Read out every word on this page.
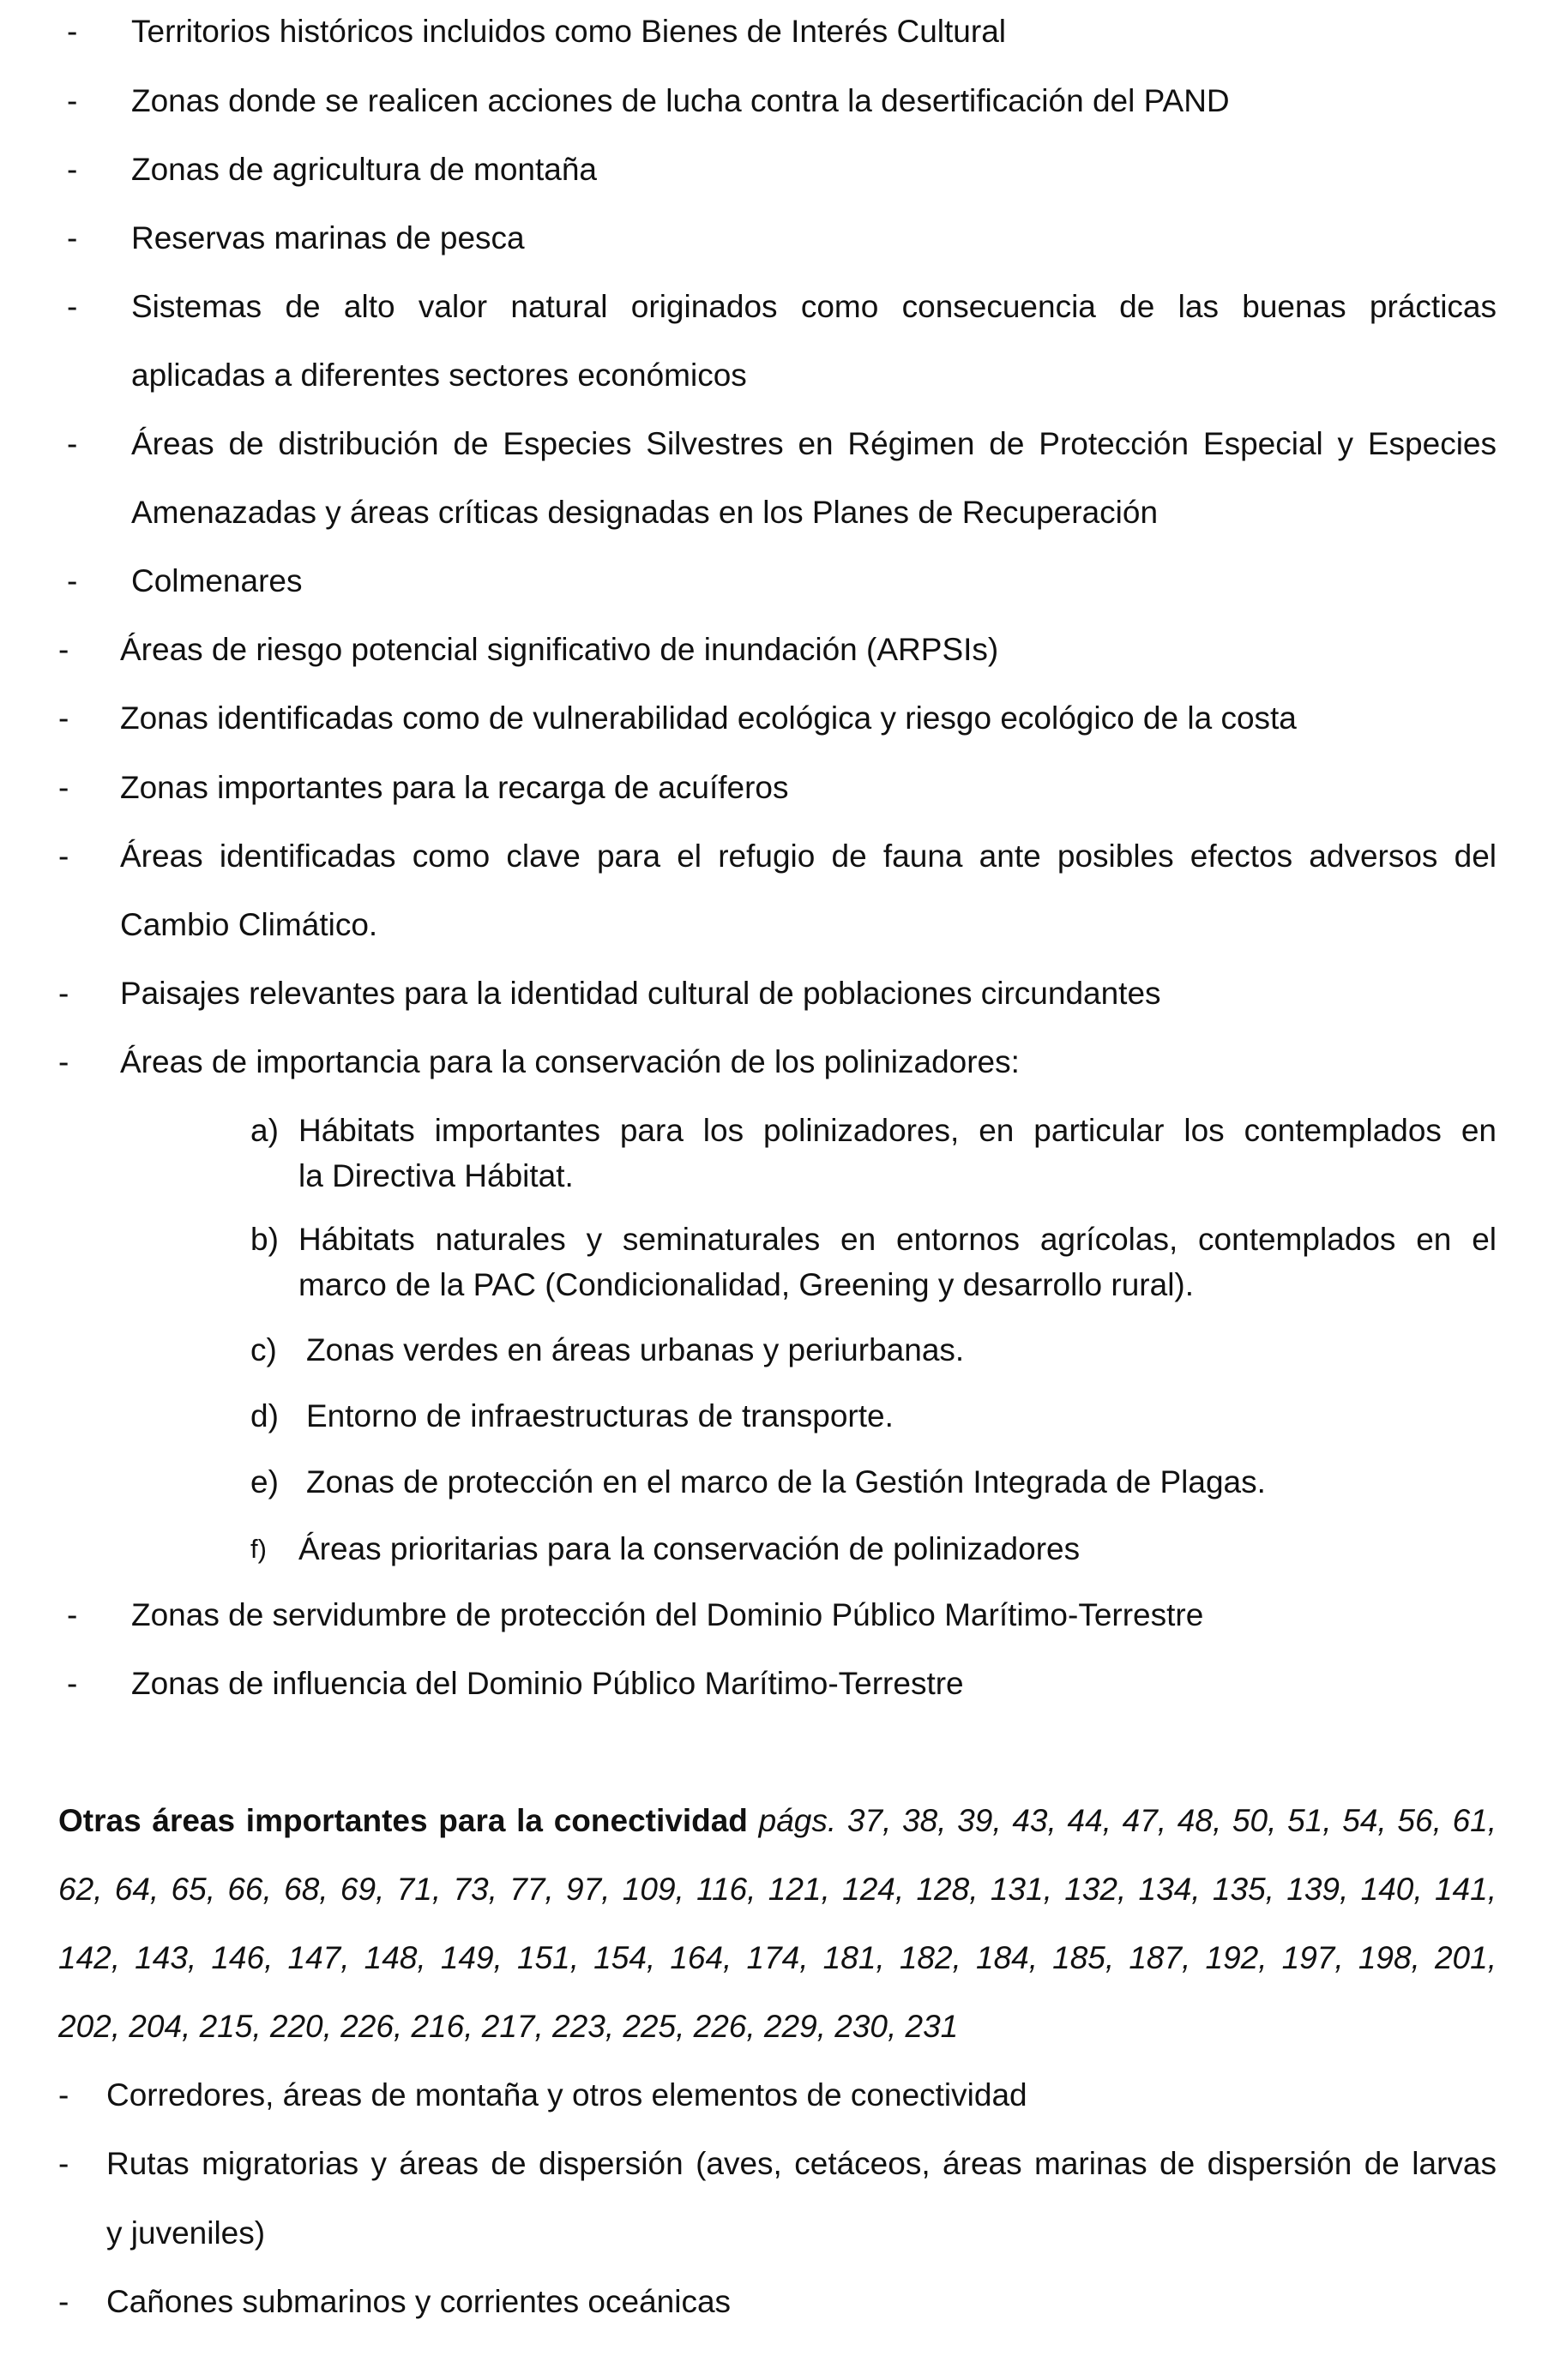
- Territorios históricos incluidos como Bienes de Interés Cultural
- Zonas donde se realicen acciones de lucha contra la desertificación del PAND
- Zonas de agricultura de montaña
- Reservas marinas de pesca
- Sistemas de alto valor natural originados como consecuencia de las buenas prácticas
aplicadas a diferentes sectores económicos
- Áreas de distribución de Especies Silvestres en Régimen de Protección Especial y Especies
Amenazadas y áreas críticas designadas en los Planes de Recuperación
- Colmenares
- Áreas de riesgo potencial significativo de inundación (ARPSIs)
- Zonas identificadas como de vulnerabilidad ecológica y riesgo ecológico de la costa
- Zonas importantes para la recarga de acuíferos
- Áreas identificadas como clave para el refugio de fauna ante posibles efectos adversos del
Cambio Climático.
- Paisajes relevantes para la identidad cultural de poblaciones circundantes
- Áreas de importancia para la conservación de los polinizadores:
a) Hábitats importantes para los polinizadores, en particular los contemplados en
la Directiva Hábitat.
b) Hábitats naturales y seminaturales en entornos agrícolas, contemplados en el
marco de la PAC (Condicionalidad, Greening y desarrollo rural).
c) Zonas verdes en áreas urbanas y periurbanas.
d) Entorno de infraestructuras de transporte.
e) Zonas de protección en el marco de la Gestión Integrada de Plagas.
f) Áreas prioritarias para la conservación de polinizadores
- Zonas de servidumbre de protección del Dominio Público Marítimo-Terrestre
- Zonas de influencia del Dominio Público Marítimo-Terrestre
Otras áreas importantes para la conectividad págs. 37, 38, 39, 43, 44, 47, 48, 50, 51, 54, 56, 61,
62, 64, 65, 66, 68, 69, 71, 73, 77, 97, 109, 116, 121, 124, 128, 131, 132, 134, 135, 139, 140, 141,
142, 143, 146, 147, 148, 149, 151, 154, 164, 174, 181, 182, 184, 185, 187, 192, 197, 198, 201,
202, 204, 215, 220, 226, 216, 217, 223, 225, 226, 229, 230, 231
- Corredores, áreas de montaña y otros elementos de conectividad
- Rutas migratorias y áreas de dispersión (aves, cetáceos, áreas marinas de dispersión de larvas
y juveniles)
- Cañones submarinos y corrientes oceánicas
